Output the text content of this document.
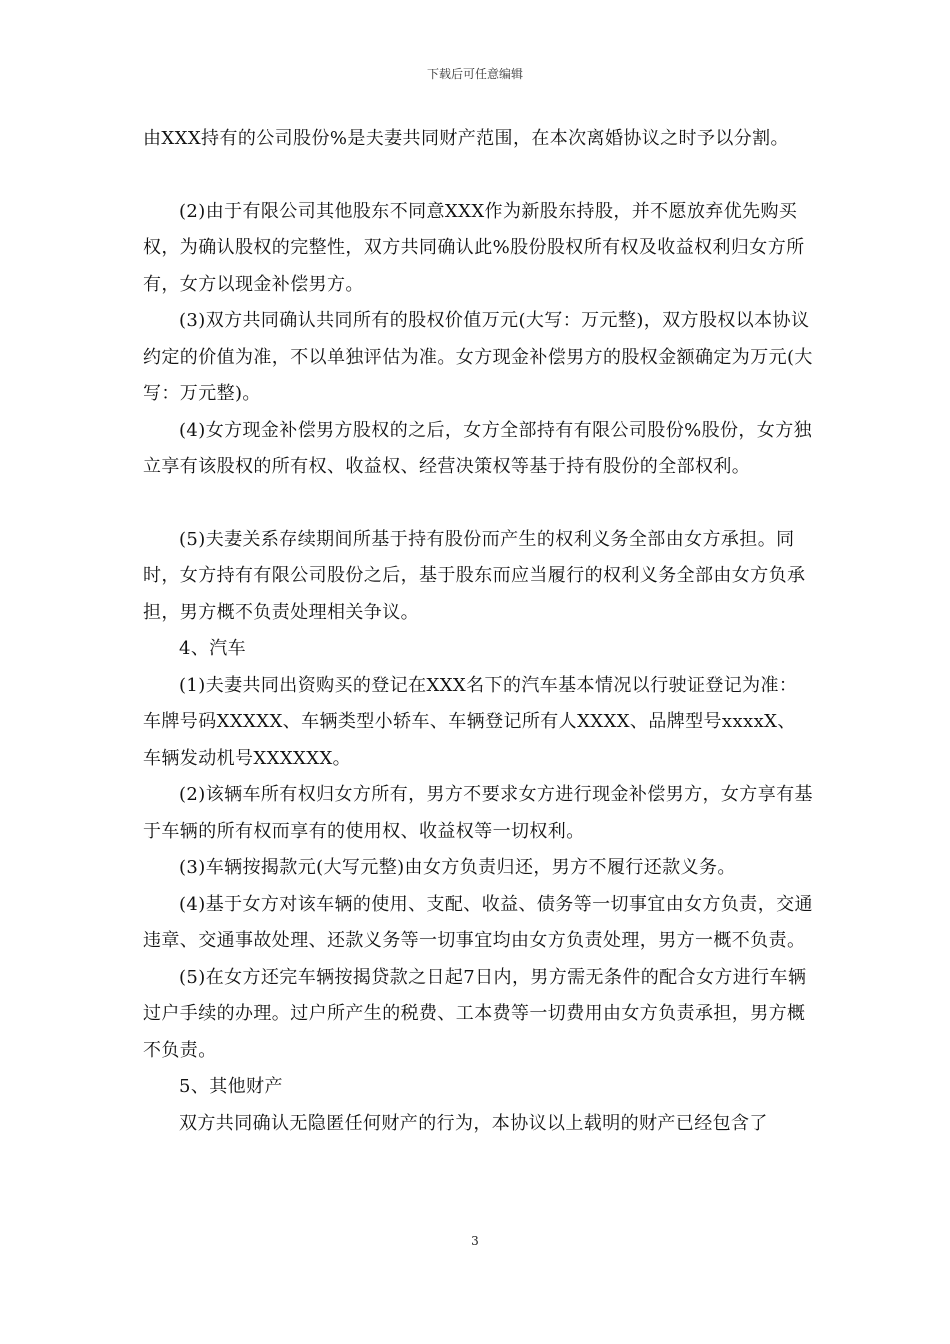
下载后可任意编辑

由XXX持有的公司股份%是夫妻共同财产范围，在本次离婚协议之时予以分割。

(2)由于有限公司其他股东不同意XXX作为新股东持股，并不愿放弃优先购买权，为确认股权的完整性，双方共同确认此%股份股权所有权及收益权利归女方所有，女方以现金补偿男方。

(3)双方共同确认共同所有的股权价值万元(大写：万元整)，双方股权以本协议约定的价值为准，不以单独评估为准。女方现金补偿男方的股权金额确定为万元(大写：万元整)。

(4)女方现金补偿男方股权的之后，女方全部持有有限公司股份%股份，女方独立享有该股权的所有权、收益权、经营决策权等基于持有股份的全部权利。

(5)夫妻关系存续期间所基于持有股份而产生的权利义务全部由女方承担。同时，女方持有有限公司股份之后，基于股东而应当履行的权利义务全部由女方负承担，男方概不负责处理相关争议。

4、汽车

(1)夫妻共同出资购买的登记在XXX名下的汽车基本情况以行驶证登记为准：车牌号码XXXXX、车辆类型小轿车、车辆登记所有人XXXX、品牌型号xxxxX、车辆发动机号XXXXXX。

(2)该辆车所有权归女方所有，男方不要求女方进行现金补偿男方，女方享有基于车辆的所有权而享有的使用权、收益权等一切权利。

(3)车辆按揭款元(大写元整)由女方负责归还，男方不履行还款义务。

(4)基于女方对该车辆的使用、支配、收益、债务等一切事宜由女方负责，交通违章、交通事故处理、还款义务等一切事宜均由女方负责处理，男方一概不负责。

(5)在女方还完车辆按揭贷款之日起7日内，男方需无条件的配合女方进行车辆过户手续的办理。过户所产生的税费、工本费等一切费用由女方负责承担，男方概不负责。

5、其他财产

双方共同确认无隐匿任何财产的行为，本协议以上载明的财产已经包含了

3
